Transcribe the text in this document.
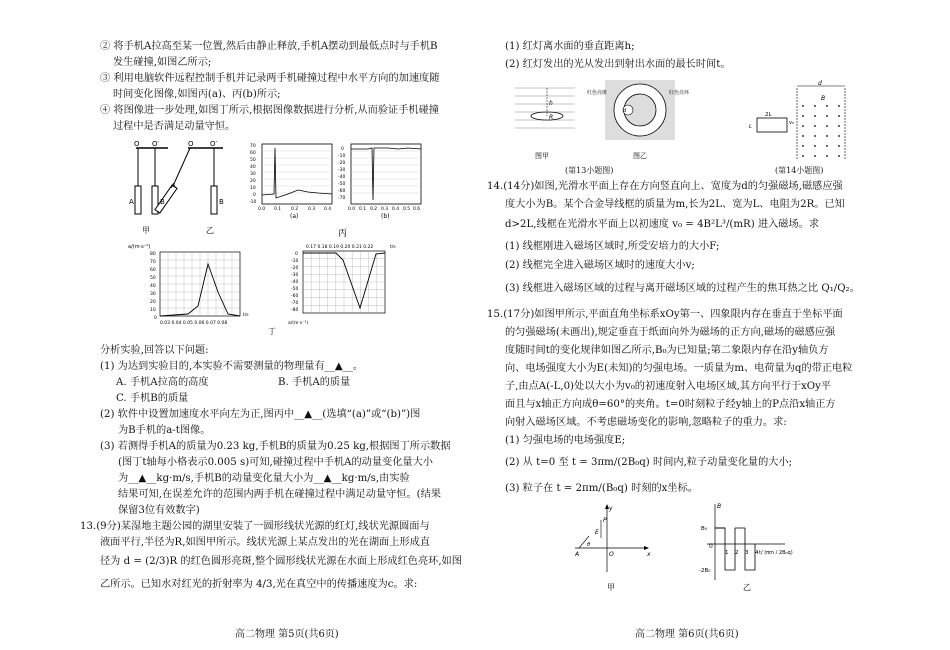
② 将手机A拉高至某一位置,然后由静止释放,手机A摆动到最低点时与手机B
发生碰撞,如图乙所示;
③ 利用电脑软件远程控制手机并记录两手机碰撞过程中水平方向的加速度随
时间变化图像,如图丙(a)、丙(b)所示;
④ 将图像进一步处理,如图丁所示,根据图像数据进行分析,从而验证手机碰撞
过程中是否满足动量守恒。
O O′	O O′
A	B
A
B
甲	乙
70
60
50
40
30
20
10
0
-10
0.0 0.1 0.2 0.3 0.4
(a)
0
-10
-20
-30
-40
-50
-60
-70
0.0 0.1 0.2 0.3 0.4 0.5 0.6
(b)
丙
a/(m·s⁻²)
80
70
60
50
40
30
20
10
0
0.03 0.04 0.05 0.06 0.07 0.08
t/s
0.17 0.18 0.19 0.20 0.21 0.22	t/s
0
-10
-20
-30
-40
-50
-60
-70
-80
a/(m·s⁻²)
丁
分析实验,回答以下问题:
(1) 为达到实验目的,本实验不需要测量的物理量有__▲__。
A. 手机A拉高的高度	B. 手机A的质量
C. 手机B的质量
(2) 软件中设置加速度水平向左为正,图丙中__▲__(选填“(a)”或“(b)”)图
为B手机的a-t图像。
(3) 若测得手机A的质量为0.23 kg,手机B的质量为0.25 kg,根据图丁所示数据
(图丁t轴每小格表示0.005 s)可知,碰撞过程中手机A的动量变化量大小
为__▲__kg·m/s,手机B的动量变化量大小为__▲__kg·m/s,由实验
结果可知,在误差允许的范围内两手机在碰撞过程中满足动量守恒。(结果
保留3位有效数字)
13.(9分)某湿地主题公园的湖里安装了一圆形线状光源的红灯,线状光源圆面与
液面平行,半径为R,如图甲所示。线状光源上某点发出的光在湖面上形成直
径为 d = (2/3)R 的红色圆形亮斑,整个圆形线状光源在水面上形成红色亮环,如图
乙所示。已知水对红光的折射率为 4/3,光在真空中的传播速度为c。求:
高二物理 第5页(共6页)
(1) 红灯离水面的垂直距离h;
(2) 红灯发出的光从发出到射出水面的最长时间t。
h
R
图甲
d
红色亮斑	红色亮环
图乙
(第13小题图)
d
B
2L
L
v₀
(第14小题图)
14.(14分)如图,光滑水平面上存在方向竖直向上、宽度为d的匀强磁场,磁感应强
度大小为B。某个合金导线框的质量为m,长为2L、宽为L、电阻为2R。已知
d>2L,线框在光滑水平面上以初速度 v₀ = 4B²L³/(mR) 进入磁场。求
(1) 线框刚进入磁场区域时,所受安培力的大小F;
(2) 线框完全进入磁场区域时的速度大小v;
(3) 线框进入磁场区域的过程与离开磁场区域的过程产生的焦耳热之比 Q₁/Q₂。
15.(17分)如图甲所示,平面直角坐标系xOy第一、四象限内存在垂直于坐标平面
的匀强磁场(未画出),规定垂直于纸面向外为磁场的正方向,磁场的磁感应强
度随时间t的变化规律如图乙所示,B₀为已知量;第二象限内存在沿y轴负方
向、电场强度大小为E(未知)的匀强电场。一质量为m、电荷量为q的带正电粒
子,由点A(-L,0)处以大小为v₀的初速度射入电场区域,其方向平行于xOy平
面且与x轴正方向成θ=60°的夹角。t=0时刻粒子经y轴上的P点沿x轴正方
向射入磁场区域。不考虑磁场变化的影响,忽略粒子的重力。求:
(1) 匀强电场的电场强度E;
(2) 从 t=0 至 t = 3πm/(2B₀q) 时间内,粒子动量变化量的大小;
(3) 粒子在 t = 2πm/(B₀q) 时刻的x坐标。
y
P
E
A
θ
x
O
甲
B
B₀
-2B₀
0
1 2 3 4 t/ (πm / 2B₀q)
乙
高二物理 第6页(共6页)
